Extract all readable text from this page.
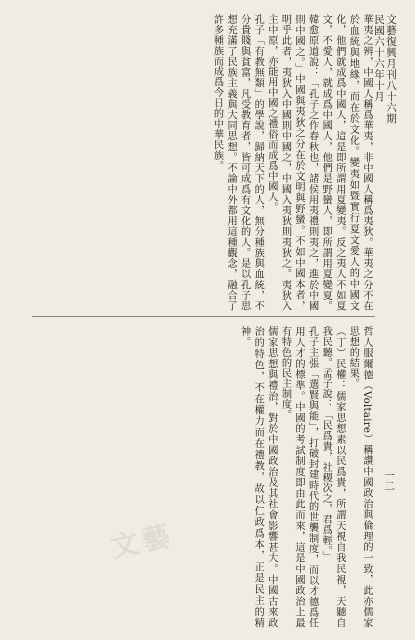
文藝復興月刊八十六期
民國六十六年十月

華夷之辨，中國人稱爲華夷，非中國人稱爲夷狄。華夷之分不在於血統與地緣，而在於文化。變夷如暨實行夏文愛人的中國文化，他們就成爲中國人，這是即所謂用夏變夷。反之夷人不如夏文，不愛人，就成爲中國人，他們是野蠻人，即所謂用夏變夏。韓愈原道說：「孔子之作春秋也，諸侯用夷禮則夷之，進於中國則中國之。」中國與夷狄之分在於文明與野蠻。不如中國本者，明乎此者，夷狄入中國則中國之，中國入夷狄則夷狄之。夷狄入主中原，亦能用中國之禮俗而成爲中國人。

孔子「有教無類」的學說，歸納天下的人，無分種族與血統，不分貴賤與貧富，凡受教育者，皆可成爲有文化的人。是以孔子思想充滿了民族主義與大同思想。不論中外都用這種觀念，融合了許多種族而成爲今日的中華民族。

哲人服爾德（Voltaire）稱讚中國政治與倫理的一致，此亦儒家思想的結果。

（丁）民權：儒家思想素以民爲貴，所謂天視自我民視，天聽自我民聽。孟子說：「民爲貴，社稷次之，君爲輕。」

孔子主張「選賢與能」，打破封建時代的世襲制度，而以才德爲任用人才的標準。中國的考試制度即由此而來，這是中國政治上最有特色的民主制度。

儒家思想與禮治，對於中國政治及其社會影響甚大。中國古來政治的特色，不在權力而在禮教，故以仁政爲本，正是民主的精神。

一二
文藝
